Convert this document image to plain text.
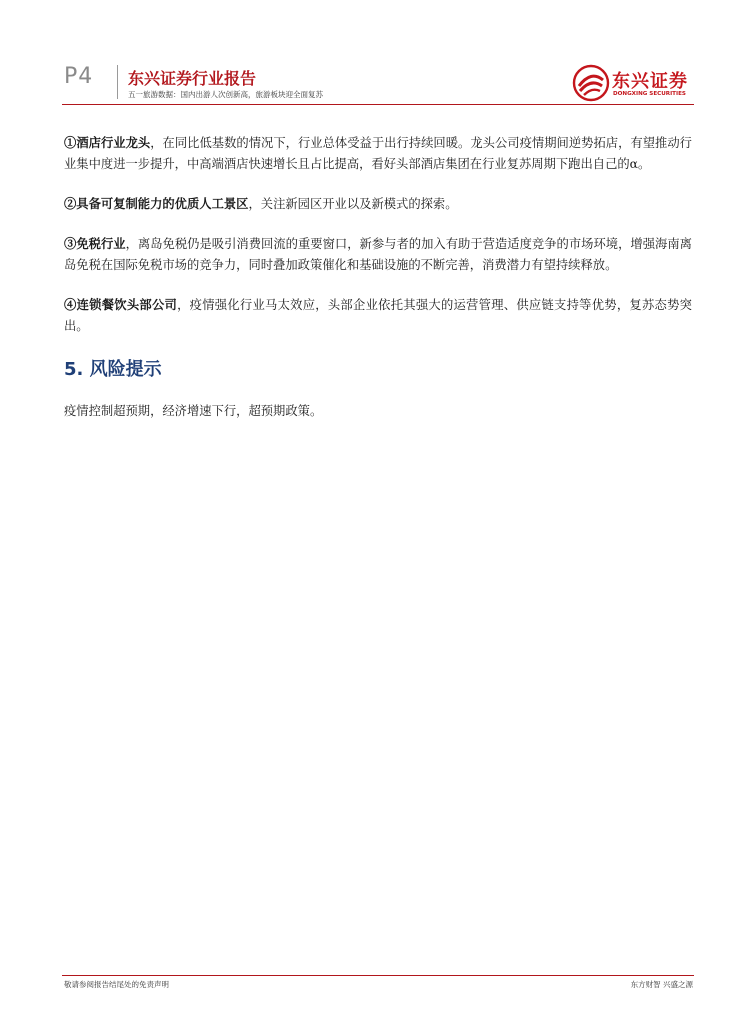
P4 东兴证券行业报告
五一旅游数据：国内出游人次创新高，旅游板块迎全面复苏
东兴证券
DONGXING SECURITIES

①酒店行业龙头，在同比低基数的情况下，行业总体受益于出行持续回暖。龙头公司疫情期间逆势拓店，有望推动行业集中度进一步提升，中高端酒店快速增长且占比提高，看好头部酒店集团在行业复苏周期下跑出自己的α。

②具备可复制能力的优质人工景区，关注新园区开业以及新模式的探索。

③免税行业，离岛免税仍是吸引消费回流的重要窗口，新参与者的加入有助于营造适度竞争的市场环境，增强海南离岛免税在国际免税市场的竞争力，同时叠加政策催化和基础设施的不断完善，消费潜力有望持续释放。

④连锁餐饮头部公司，疫情强化行业马太效应，头部企业依托其强大的运营管理、供应链支持等优势，复苏态势突出。

5. 风险提示

疫情控制超预期，经济增速下行，超预期政策。

敬请参阅报告结尾处的免责声明	东方财智 兴盛之源
